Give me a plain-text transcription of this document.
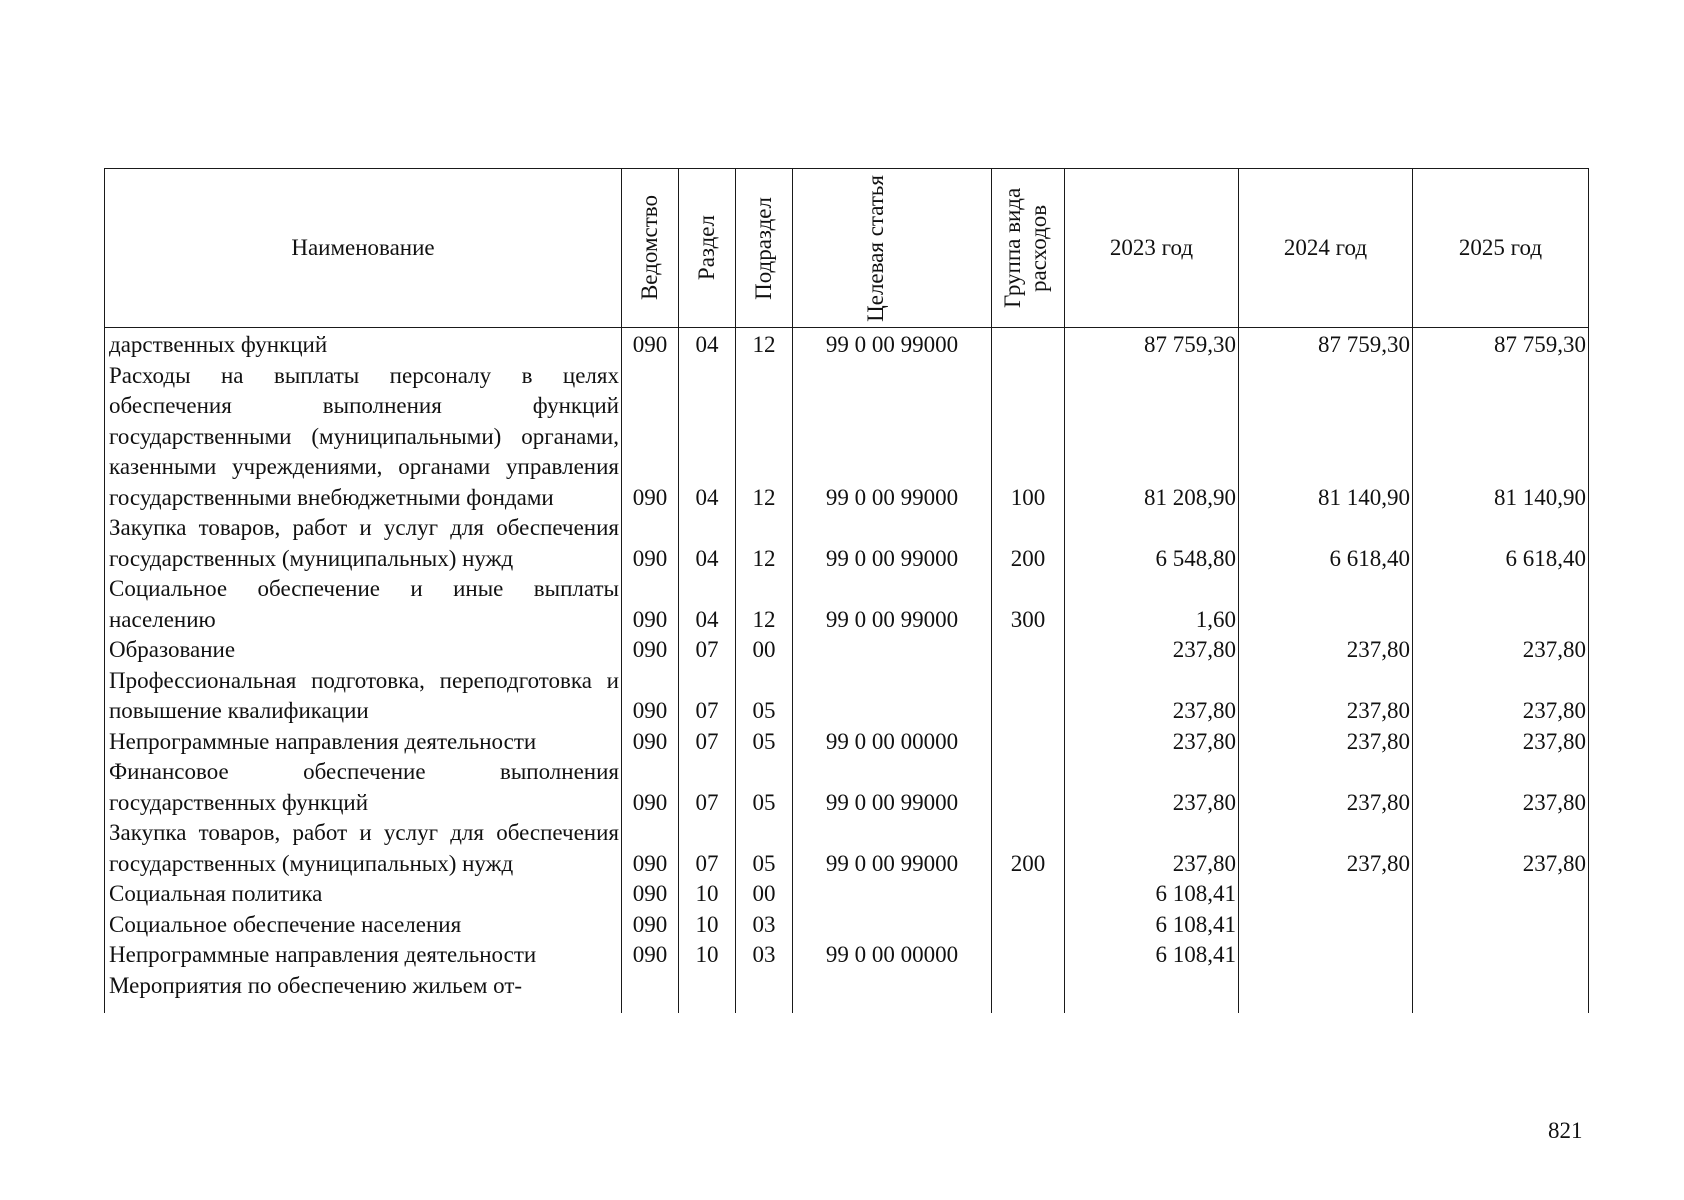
Наименование	Ведомство	Раздел	Подраздел	Целевая статья	Группа вида расходов	2023 год	2024 год	2025 год
дарственных функций	090	04	12	99 0 00 99000		87 759,30	87 759,30	87 759,30
Расходы на выплаты персоналу в целях обеспечения выполнения функций государственными (муниципальными) органами, казенными учреждениями, органами управления государственными внебюджетными фондами	090	04	12	99 0 00 99000	100	81 208,90	81 140,90	81 140,90
Закупка товаров, работ и услуг для обеспечения государственных (муниципальных) нужд	090	04	12	99 0 00 99000	200	6 548,80	6 618,40	6 618,40
Социальное обеспечение и иные выплаты населению	090	04	12	99 0 00 99000	300	1,60		
Образование	090	07	00			237,80	237,80	237,80
Профессиональная подготовка, переподготовка и повышение квалификации	090	07	05			237,80	237,80	237,80
Непрограммные направления деятельности	090	07	05	99 0 00 00000		237,80	237,80	237,80
Финансовое обеспечение выполнения государственных функций	090	07	05	99 0 00 99000		237,80	237,80	237,80
Закупка товаров, работ и услуг для обеспечения государственных (муниципальных) нужд	090	07	05	99 0 00 99000	200	237,80	237,80	237,80
Социальная политика	090	10	00			6 108,41		
Социальное обеспечение населения	090	10	03			6 108,41		
Непрограммные направления деятельности	090	10	03	99 0 00 00000		6 108,41		
Мероприятия по обеспечению жильем от-								
821
